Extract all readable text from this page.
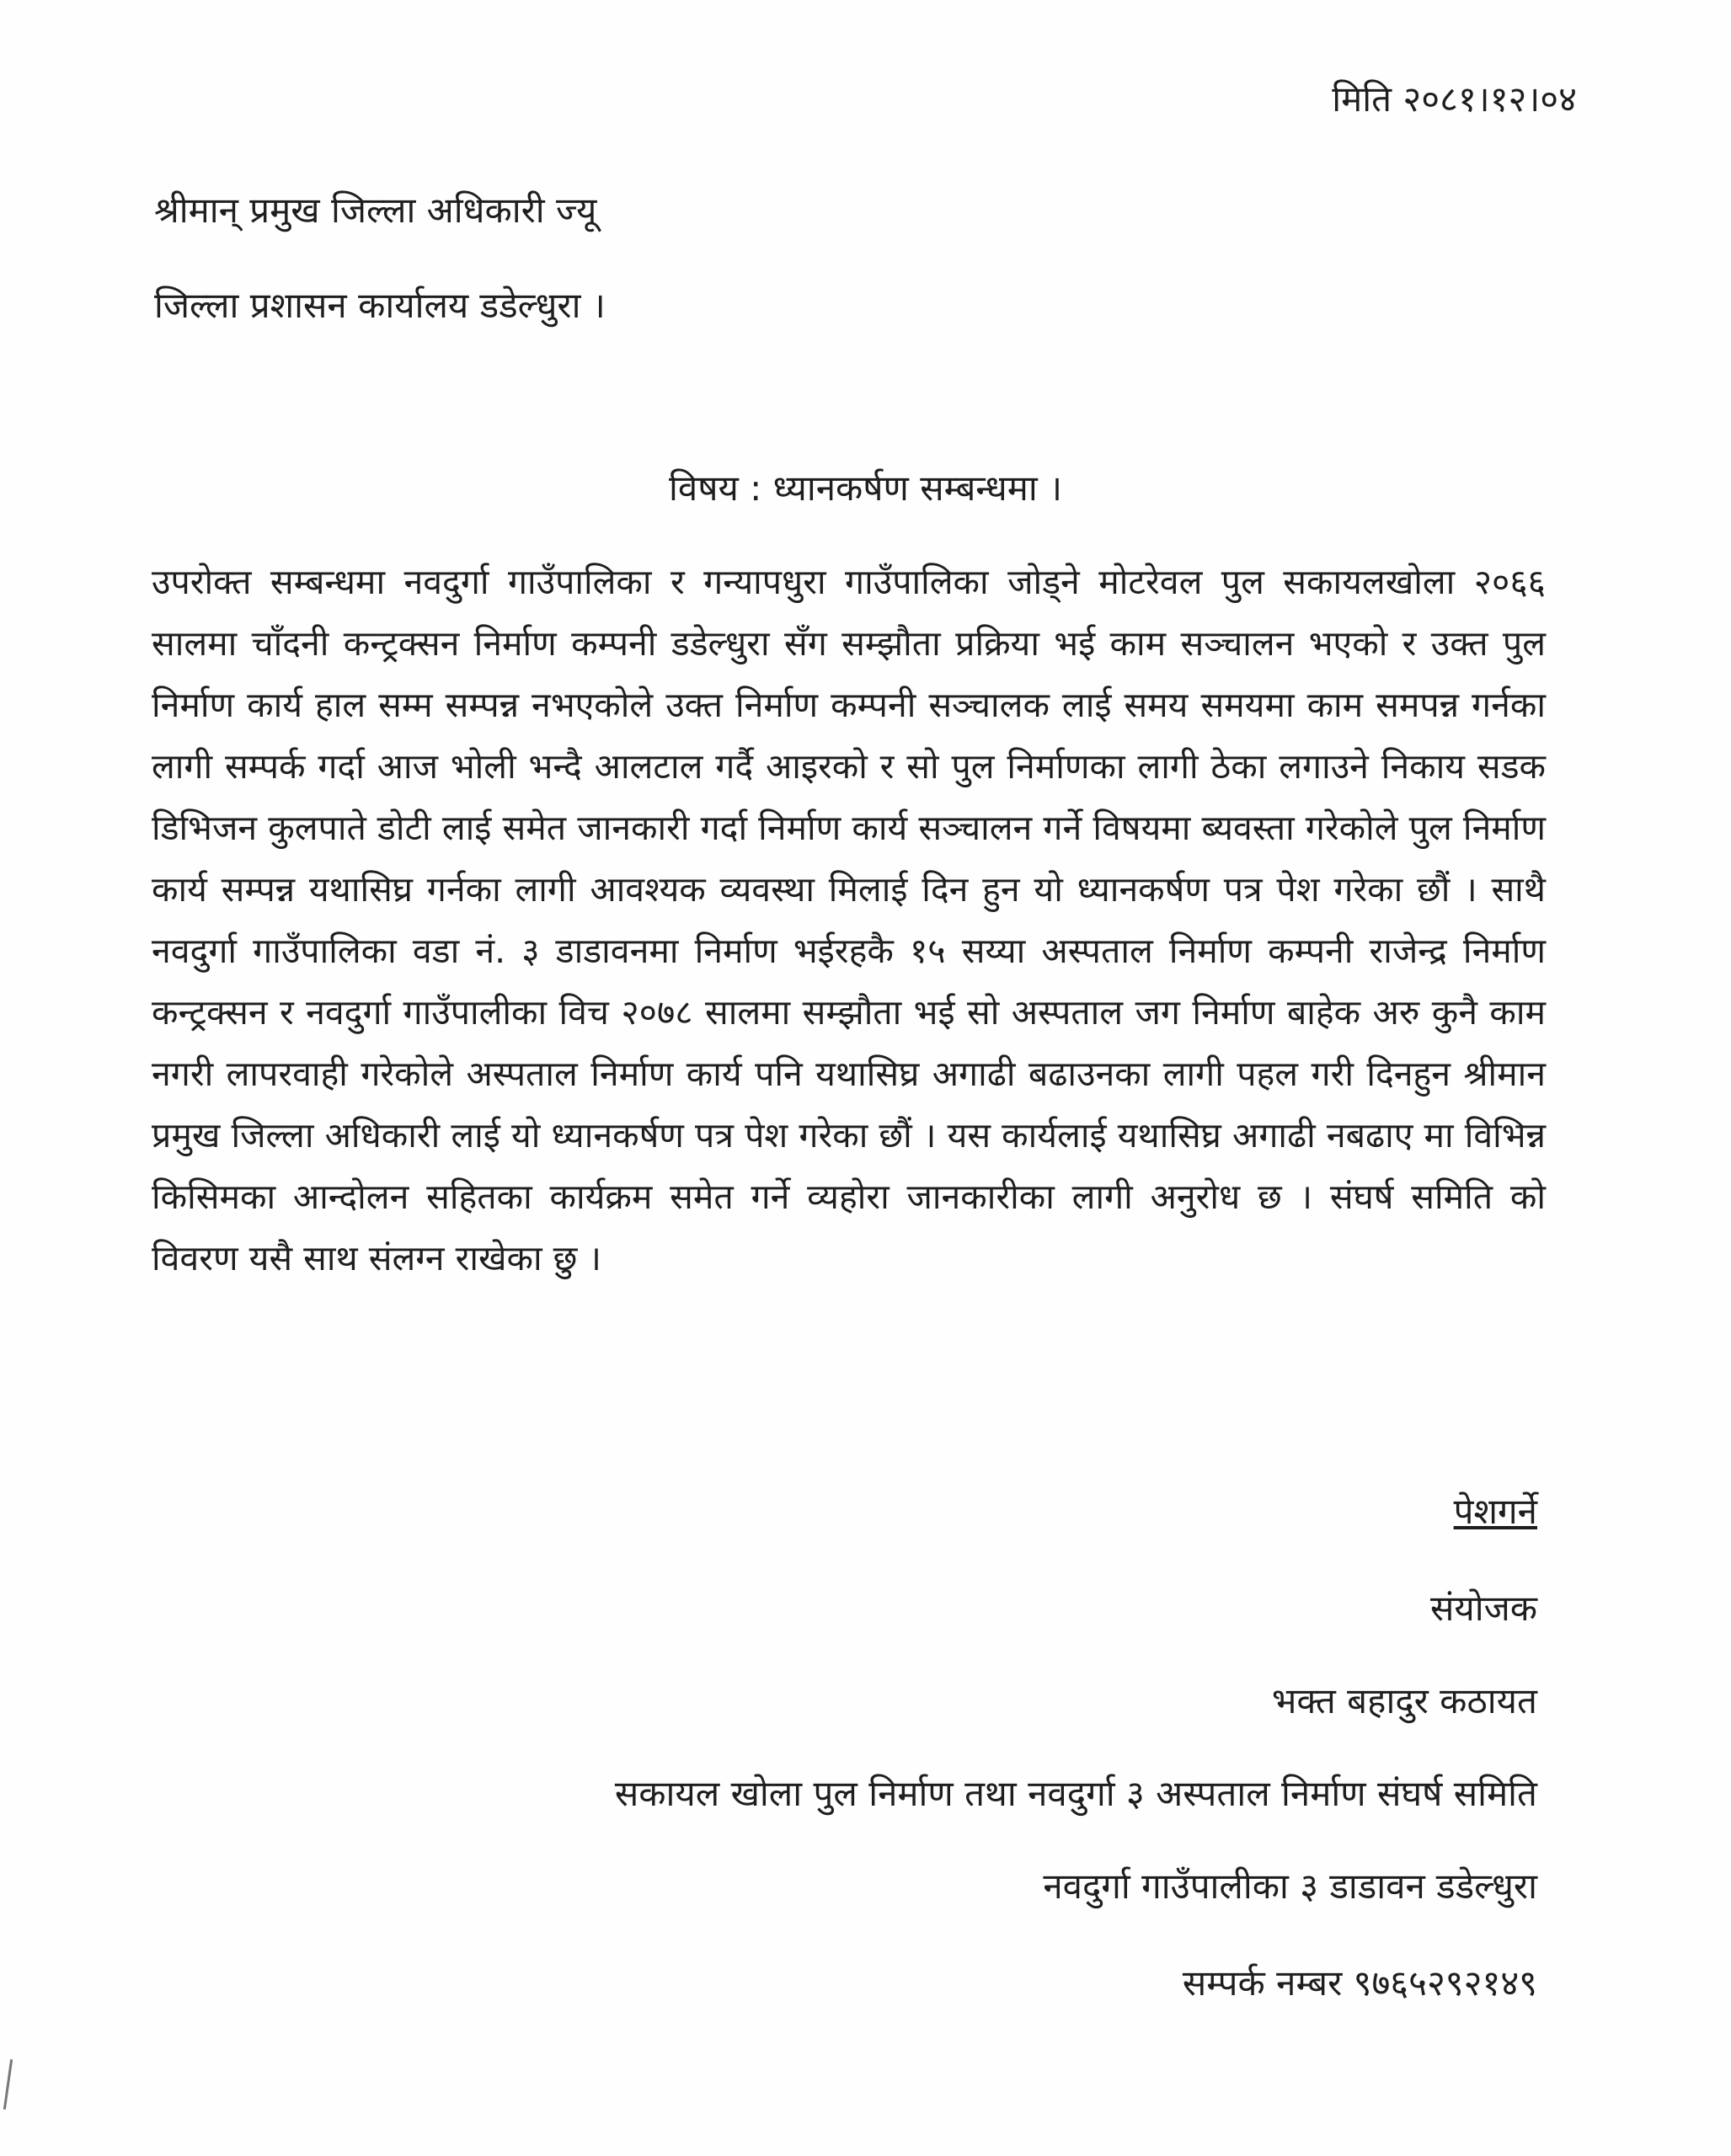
मिति २०८१।१२।०४
श्रीमान् प्रमुख जिल्ला अधिकारी ज्यू
जिल्ला प्रशासन कार्यालय डडेल्धुरा ।
विषय : ध्यानकर्षण सम्बन्धमा ।
उपरोक्त सम्बन्धमा नवदुर्गा गाउँपालिका र गन्यापधुरा गाउँपालिका जोड्ने मोटरेवल पुल सकायलखोला २०६६ सालमा चाँदनी कन्ट्रक्सन निर्माण कम्पनी डडेल्धुरा सँग सम्झौता प्रक्रिया भई काम सञ्चालन भएको र उक्त पुल निर्माण कार्य हाल सम्म सम्पन्न नभएकोले उक्त निर्माण कम्पनी सञ्चालक लाई समय समयमा काम समपन्न गर्नका लागी सम्पर्क गर्दा आज भोली भन्दै आलटाल गर्दै आइरको र सो पुल निर्माणका लागी ठेका लगाउने निकाय सडक डिभिजन कुलपाते डोटी लाई समेत जानकारी गर्दा निर्माण कार्य सञ्चालन गर्ने विषयमा ब्यवस्ता गरेकोले पुल निर्माण कार्य सम्पन्न यथासिघ्र गर्नका लागी आवश्यक व्यवस्था मिलाई दिन हुन यो ध्यानकर्षण पत्र पेश गरेका छौं । साथै नवदुर्गा गाउँपालिका वडा नं. ३ डाडावनमा निर्माण भईरहकै १५ सय्या अस्पताल निर्माण कम्पनी राजेन्द्र निर्माण कन्ट्रक्सन र नवदुर्गा गाउँपालीका विच २०७८ सालमा सम्झौता भई सो अस्पताल जग निर्माण बाहेक अरु कुनै काम नगरी लापरवाही गरेकोले अस्पताल निर्माण कार्य पनि यथासिघ्र अगाढी बढाउनका लागी पहल गरी दिनहुन श्रीमान प्रमुख जिल्ला अधिकारी लाई यो ध्यानकर्षण पत्र पेश गरेका छौं । यस कार्यलाई यथासिघ्र अगाढी नबढाए मा विभिन्न किसिमका आन्दोलन सहितका कार्यक्रम समेत गर्ने व्यहोरा जानकारीका लागी अनुरोध छ । संघर्ष समिति को विवरण यसै साथ संलग्न राखेका छु ।
पेशगर्ने
संयोजक
भक्त बहादुर कठायत
सकायल खोला पुल निर्माण तथा नवदुर्गा ३ अस्पताल निर्माण संघर्ष समिति
नवदुर्गा गाउँपालीका ३ डाडावन डडेल्धुरा
सम्पर्क नम्बर ९७६५२९२१४९
